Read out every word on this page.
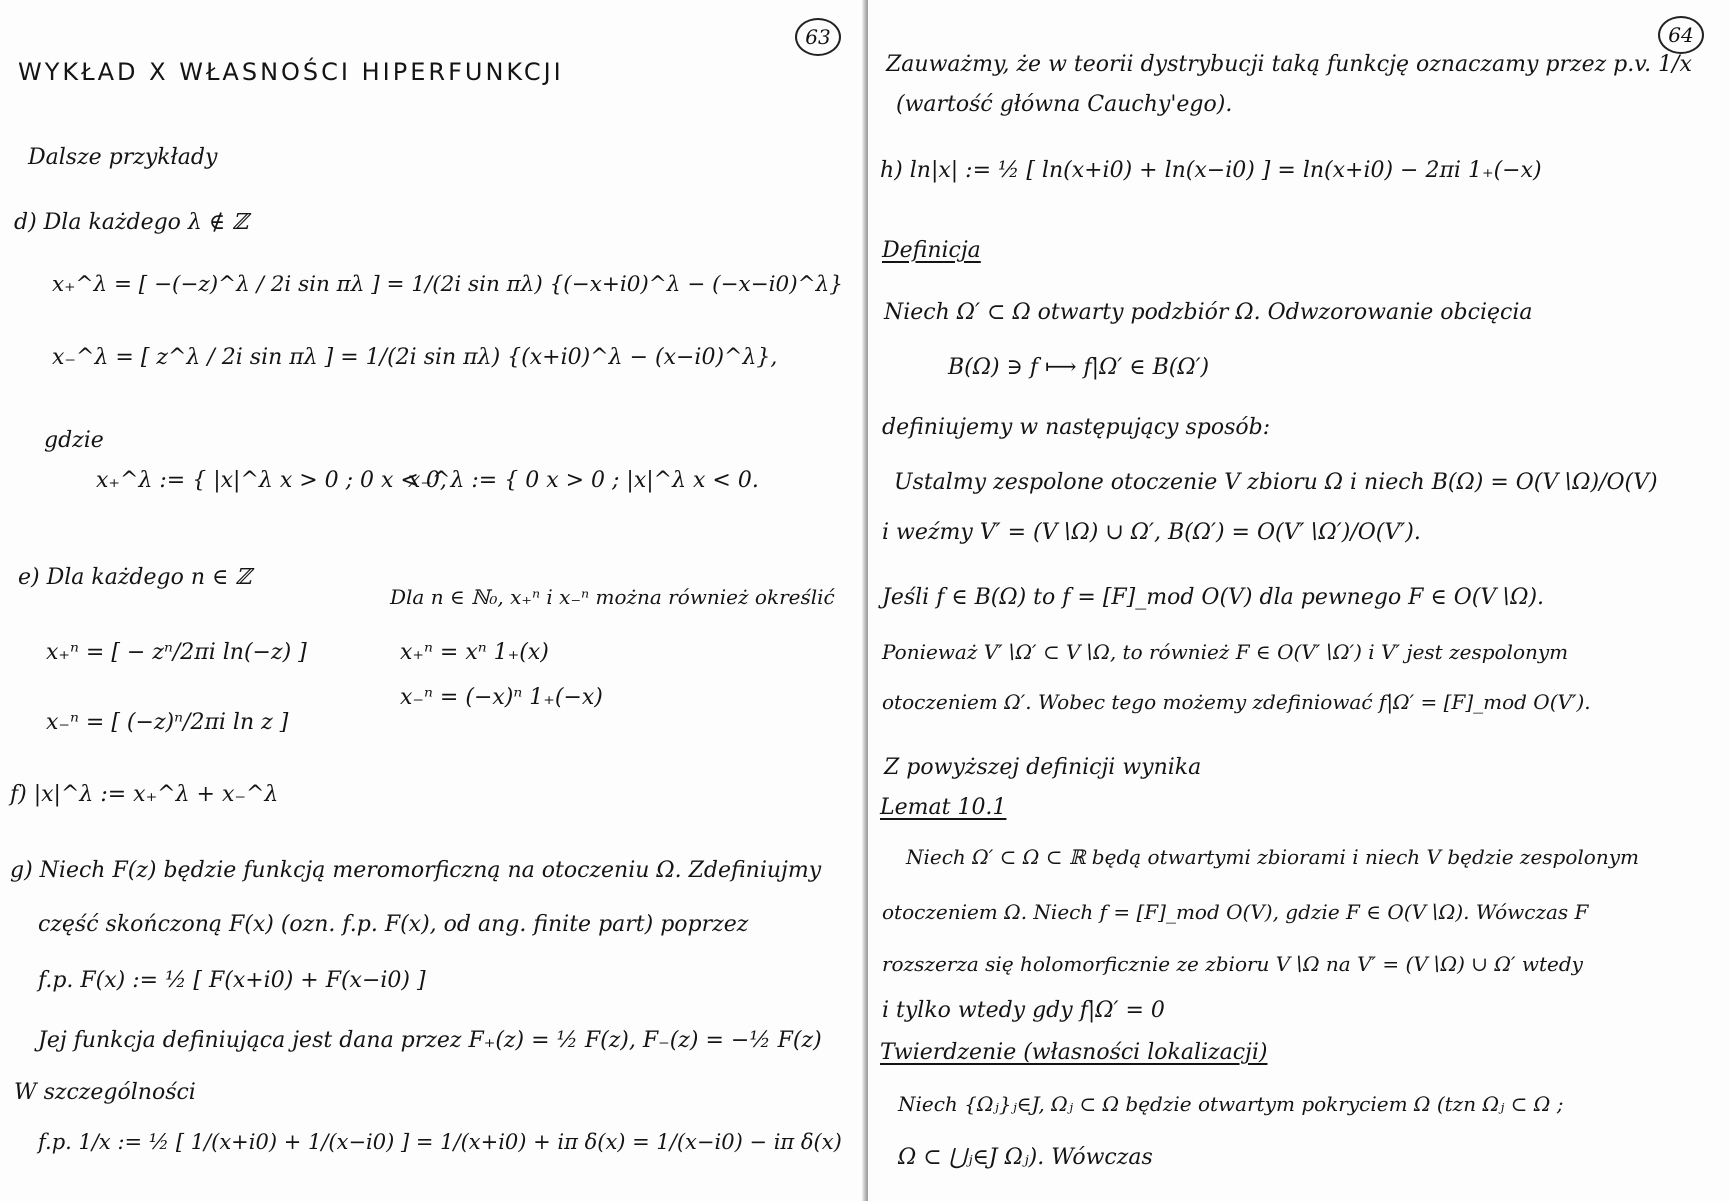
63
WYKŁAD X WŁASNOŚCI HIPERFUNKCJI
Dalsze przykłady
d) Dla każdego λ ∉ ℤ
x₊^λ = [ −(−z)^λ / 2i sin πλ ] = 1/(2i sin πλ) {(−x+i0)^λ − (−x−i0)^λ}
x₋^λ = [ z^λ / 2i sin πλ ] = 1/(2i sin πλ) {(x+i0)^λ − (x−i0)^λ},
gdzie
x₊^λ := { |x|^λ x > 0 ; 0 x < 0,
x₋^λ := { 0 x > 0 ; |x|^λ x < 0.
e) Dla każdego n ∈ ℤ
Dla n ∈ ℕ₀, x₊ⁿ i x₋ⁿ można również określić
x₊ⁿ = [ − zⁿ/2πi ln(−z) ]	x₊ⁿ = xⁿ 1₊(x)
x₋ⁿ = (−x)ⁿ 1₊(−x)
x₋ⁿ = [ (−z)ⁿ/2πi ln z ]
f) |x|^λ := x₊^λ + x₋^λ
g) Niech F(z) będzie funkcją meromorficzną na otoczeniu Ω. Zdefiniujmy
część skończoną F(x) (ozn. f.p. F(x), od ang. finite part) poprzez
f.p. F(x) := ½ [ F(x+i0) + F(x−i0) ]
Jej funkcja definiująca jest dana przez F₊(z) = ½ F(z), F₋(z) = −½ F(z)
W szczególności
f.p. 1/x := ½ [ 1/(x+i0) + 1/(x−i0) ] = 1/(x+i0) + iπ δ(x) = 1/(x−i0) − iπ δ(x)
64
Zauważmy, że w teorii dystrybucji taką funkcję oznaczamy przez p.v. 1/x
(wartość główna Cauchy'ego).
h) ln|x| := ½ [ ln(x+i0) + ln(x−i0) ] = ln(x+i0) − 2πi 1₊(−x)
Definicja
Niech Ω′ ⊂ Ω otwarty podzbiór Ω. Odwzorowanie obcięcia
B(Ω) ∋ f ⟼ f|Ω′ ∈ B(Ω′)
definiujemy w następujący sposób:
Ustalmy zespolone otoczenie V zbioru Ω i niech B(Ω) = O(V∖Ω)/O(V)
i weźmy V′ = (V∖Ω) ∪ Ω′, B(Ω′) = O(V′∖Ω′)/O(V′).
Jeśli f ∈ B(Ω) to f = [F]_mod O(V) dla pewnego F ∈ O(V∖Ω).
Ponieważ V′∖Ω′ ⊂ V∖Ω, to również F ∈ O(V′∖Ω′) i V′ jest zespolonym
otoczeniem Ω′. Wobec tego możemy zdefiniować f|Ω′ = [F]_mod O(V′).
Z powyższej definicji wynika
Lemat 10.1
Niech Ω′ ⊂ Ω ⊂ ℝ będą otwartymi zbiorami i niech V będzie zespolonym
otoczeniem Ω. Niech f = [F]_mod O(V), gdzie F ∈ O(V∖Ω). Wówczas F
rozszerza się holomorficznie ze zbioru V∖Ω na V′ = (V∖Ω) ∪ Ω′ wtedy
i tylko wtedy gdy f|Ω′ = 0
Twierdzenie (własności lokalizacji)
Niech {Ωⱼ}ⱼ∈J, Ωⱼ ⊂ Ω będzie otwartym pokryciem Ω (tzn Ωⱼ ⊂ Ω ;
Ω ⊂ ⋃ⱼ∈J Ωⱼ). Wówczas
